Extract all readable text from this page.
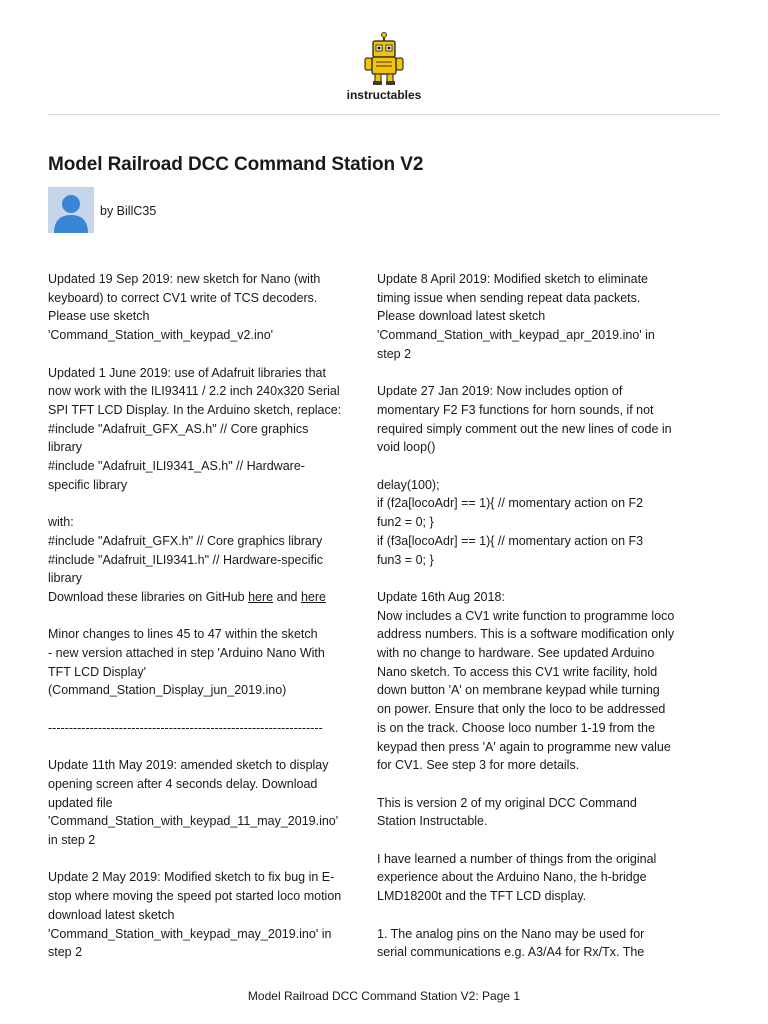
instructables
Model Railroad DCC Command Station V2
by BillC35
Updated 19 Sep 2019: new sketch for Nano (with
keyboard) to correct CV1 write of TCS decoders.
Please use sketch
'Command_Station_with_keypad_v2.ino'
Updated 1 June 2019: use of Adafruit libraries that
now work with the ILI93411 / 2.2 inch 240x320 Serial
SPI TFT LCD Display. In the Arduino sketch, replace:
#include "Adafruit_GFX_AS.h" // Core graphics
library
#include "Adafruit_ILI9341_AS.h" // Hardware-
specific library
with:
#include "Adafruit_GFX.h" // Core graphics library
#include "Adafruit_ILI9341.h" // Hardware-specific
library
Download these libraries on GitHub here and here
Minor changes to lines 45 to 47 within the sketch
- new version attached in step 'Arduino Nano With
TFT LCD Display'
(Command_Station_Display_jun_2019.ino)
------------------------------------------------------------------
Update 11th May 2019: amended sketch to display
opening screen after 4 seconds delay. Download
updated file
'Command_Station_with_keypad_11_may_2019.ino'
in step 2
Update 2 May 2019: Modified sketch to fix bug in E-
stop where moving the speed pot started loco motion
download latest sketch
'Command_Station_with_keypad_may_2019.ino' in
step 2
Update 8 April 2019: Modified sketch to eliminate
timing issue when sending repeat data packets.
Please download latest sketch
'Command_Station_with_keypad_apr_2019.ino' in
step 2
Update 27 Jan 2019: Now includes option of
momentary F2 F3 functions for horn sounds, if not
required simply comment out the new lines of code in
void loop()
delay(100);
if (f2a[locoAdr] == 1){ // momentary action on F2
fun2 = 0; }
if (f3a[locoAdr] == 1){ // momentary action on F3
fun3 = 0; }
Update 16th Aug 2018:
Now includes a CV1 write function to programme loco
address numbers. This is a software modification only
with no change to hardware. See updated Arduino
Nano sketch. To access this CV1 write facility, hold
down button 'A' on membrane keypad while turning
on power. Ensure that only the loco to be addressed
is on the track. Choose loco number 1-19 from the
keypad then press 'A' again to programme new value
for CV1. See step 3 for more details.
This is version 2 of my original DCC Command
Station Instructable.
I have learned a number of things from the original
experience about the Arduino Nano, the h-bridge
LMD18200t and the TFT LCD display.
1. The analog pins on the Nano may be used for
serial communications e.g. A3/A4 for Rx/Tx. The
Model Railroad DCC Command Station V2: Page 1
